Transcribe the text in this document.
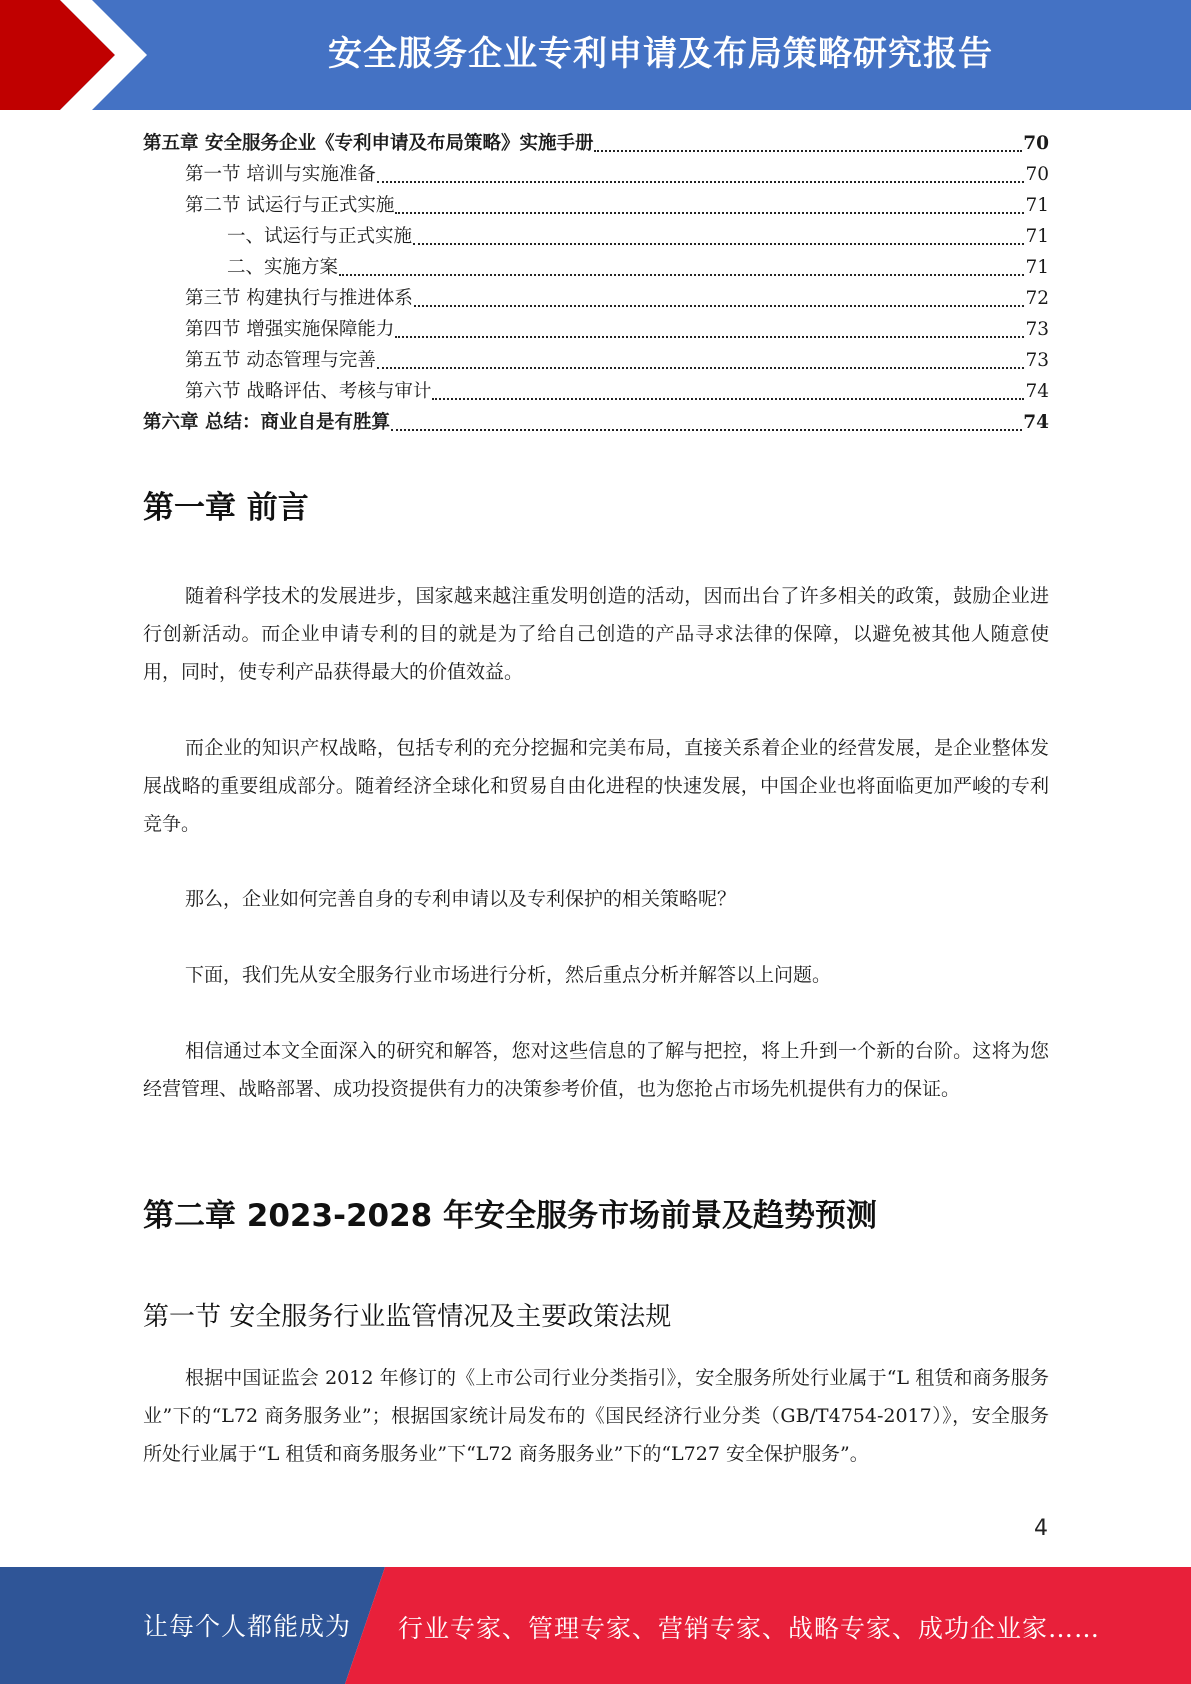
安全服务企业专利申请及布局策略研究报告
第五章 安全服务企业《专利申请及布局策略》实施手册	70
第一节 培训与实施准备	70
第二节 试运行与正式实施	71
一、试运行与正式实施	71
二、实施方案	71
第三节 构建执行与推进体系	72
第四节 增强实施保障能力	73
第五节 动态管理与完善	73
第六节 战略评估、考核与审计	74
第六章 总结：商业自是有胜算	74
第一章 前言
随着科学技术的发展进步，国家越来越注重发明创造的活动，因而出台了许多相关的政策，鼓励企业进行创新活动。而企业申请专利的目的就是为了给自己创造的产品寻求法律的保障，以避免被其他人随意使用，同时，使专利产品获得最大的价值效益。
而企业的知识产权战略，包括专利的充分挖掘和完美布局，直接关系着企业的经营发展，是企业整体发展战略的重要组成部分。随着经济全球化和贸易自由化进程的快速发展，中国企业也将面临更加严峻的专利竞争。
那么，企业如何完善自身的专利申请以及专利保护的相关策略呢？
下面，我们先从安全服务行业市场进行分析，然后重点分析并解答以上问题。
相信通过本文全面深入的研究和解答，您对这些信息的了解与把控，将上升到一个新的台阶。这将为您经营管理、战略部署、成功投资提供有力的决策参考价值，也为您抢占市场先机提供有力的保证。
第二章 2023-2028 年安全服务市场前景及趋势预测
第一节 安全服务行业监管情况及主要政策法规
根据中国证监会 2012 年修订的《上市公司行业分类指引》，安全服务所处行业属于“L 租赁和商务服务业”下的“L72 商务服务业”；根据国家统计局发布的《国民经济行业分类（GB/T4754-2017）》，安全服务所处行业属于“L 租赁和商务服务业”下“L72 商务服务业”下的“L727 安全保护服务”。
4
让每个人都能成为 行业专家、管理专家、营销专家、战略专家、成功企业家……
